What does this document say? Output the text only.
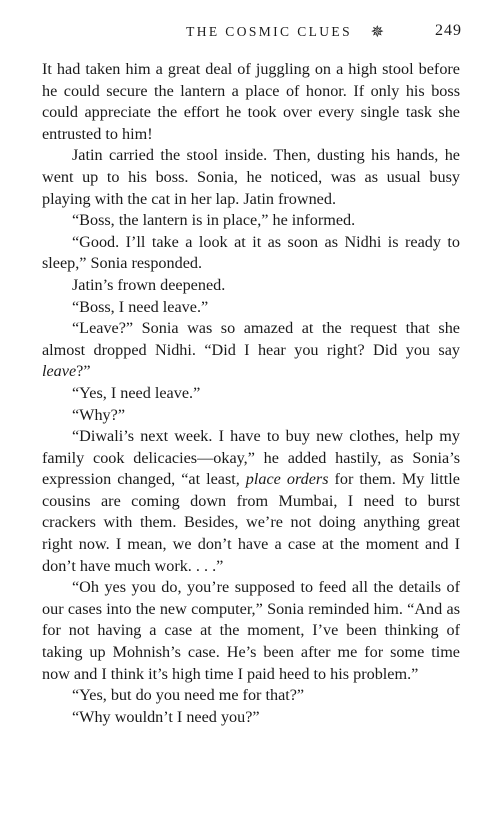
THE COSMIC CLUES ✵	249

It had taken him a great deal of juggling on a high stool before he could secure the lantern a place of honor. If only his boss could appreciate the effort he took over every single task she entrusted to him!

Jatin carried the stool inside. Then, dusting his hands, he went up to his boss. Sonia, he noticed, was as usual busy playing with the cat in her lap. Jatin frowned.

“Boss, the lantern is in place,” he informed.

“Good. I’ll take a look at it as soon as Nidhi is ready to sleep,” Sonia responded.

Jatin’s frown deepened.

“Boss, I need leave.”

“Leave?” Sonia was so amazed at the request that she almost dropped Nidhi. “Did I hear you right? Did you say leave?”

“Yes, I need leave.”

“Why?”

“Diwali’s next week. I have to buy new clothes, help my family cook delicacies—okay,” he added hastily, as Sonia’s expression changed, “at least, place orders for them. My little cousins are coming down from Mumbai, I need to burst crackers with them. Besides, we’re not doing anything great right now. I mean, we don’t have a case at the moment and I don’t have much work. . . .”

“Oh yes you do, you’re supposed to feed all the details of our cases into the new computer,” Sonia reminded him. “And as for not having a case at the moment, I’ve been thinking of taking up Mohnish’s case. He’s been after me for some time now and I think it’s high time I paid heed to his problem.”

“Yes, but do you need me for that?”

“Why wouldn’t I need you?”
